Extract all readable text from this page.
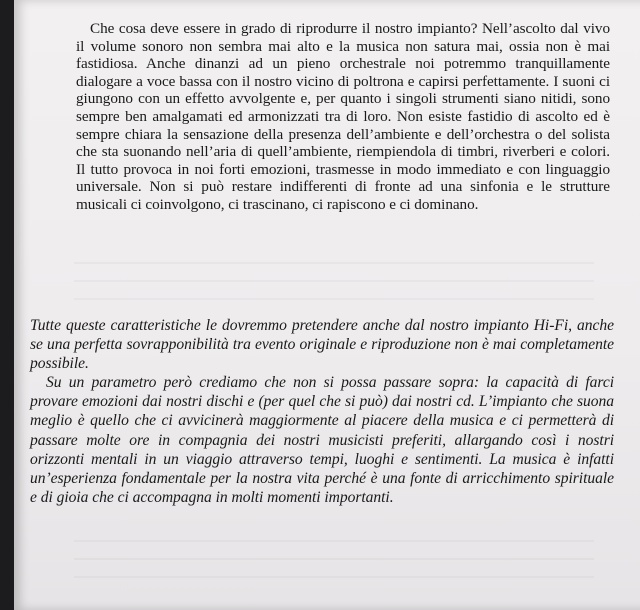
Che cosa deve essere in grado di riprodurre il nostro impianto? Nell’ascolto dal vivo il volume sonoro non sembra mai alto e la musica non satura mai, ossia non è mai fastidiosa. Anche dinanzi ad un pieno orchestrale noi potremmo tranquillamente dialogare a voce bassa con il nostro vicino di poltrona e capirsi perfettamente. I suoni ci giungono con un effetto avvolgente e, per quanto i singoli strumenti siano nitidi, sono sempre ben amalgamati ed armonizzati tra di loro. Non esiste fastidio di ascolto ed è sempre chiara la sensazione della presenza dell’ambiente e dell’orchestra o del solista che sta suonando nell’aria di quell’ambiente, riempiendola di timbri, riverberi e colori. Il tutto provoca in noi forti emozioni, trasmesse in modo immediato e con linguaggio universale. Non si può restare indifferenti di fronte ad una sinfonia e le strutture musicali ci coinvolgono, ci trascinano, ci rapiscono e ci dominano.

Tutte queste caratteristiche le dovremmo pretendere anche dal nostro impianto Hi-Fi, anche se una perfetta sovrapponibilità tra evento originale e riproduzione non è mai completamente possibile.

Su un parametro però crediamo che non si possa passare sopra: la capacità di farci provare emozioni dai nostri dischi e (per quel che si può) dai nostri cd. L’impianto che suona meglio è quello che ci avvicinerà maggiormente al piacere della musica e ci permetterà di passare molte ore in compagnia dei nostri musicisti preferiti, allargando così i nostri orizzonti mentali in un viaggio attraverso tempi, luoghi e sentimenti. La musica è infatti un’esperienza fondamentale per la nostra vita perché è una fonte di arricchimento spirituale e di gioia che ci accompagna in molti momenti importanti.
